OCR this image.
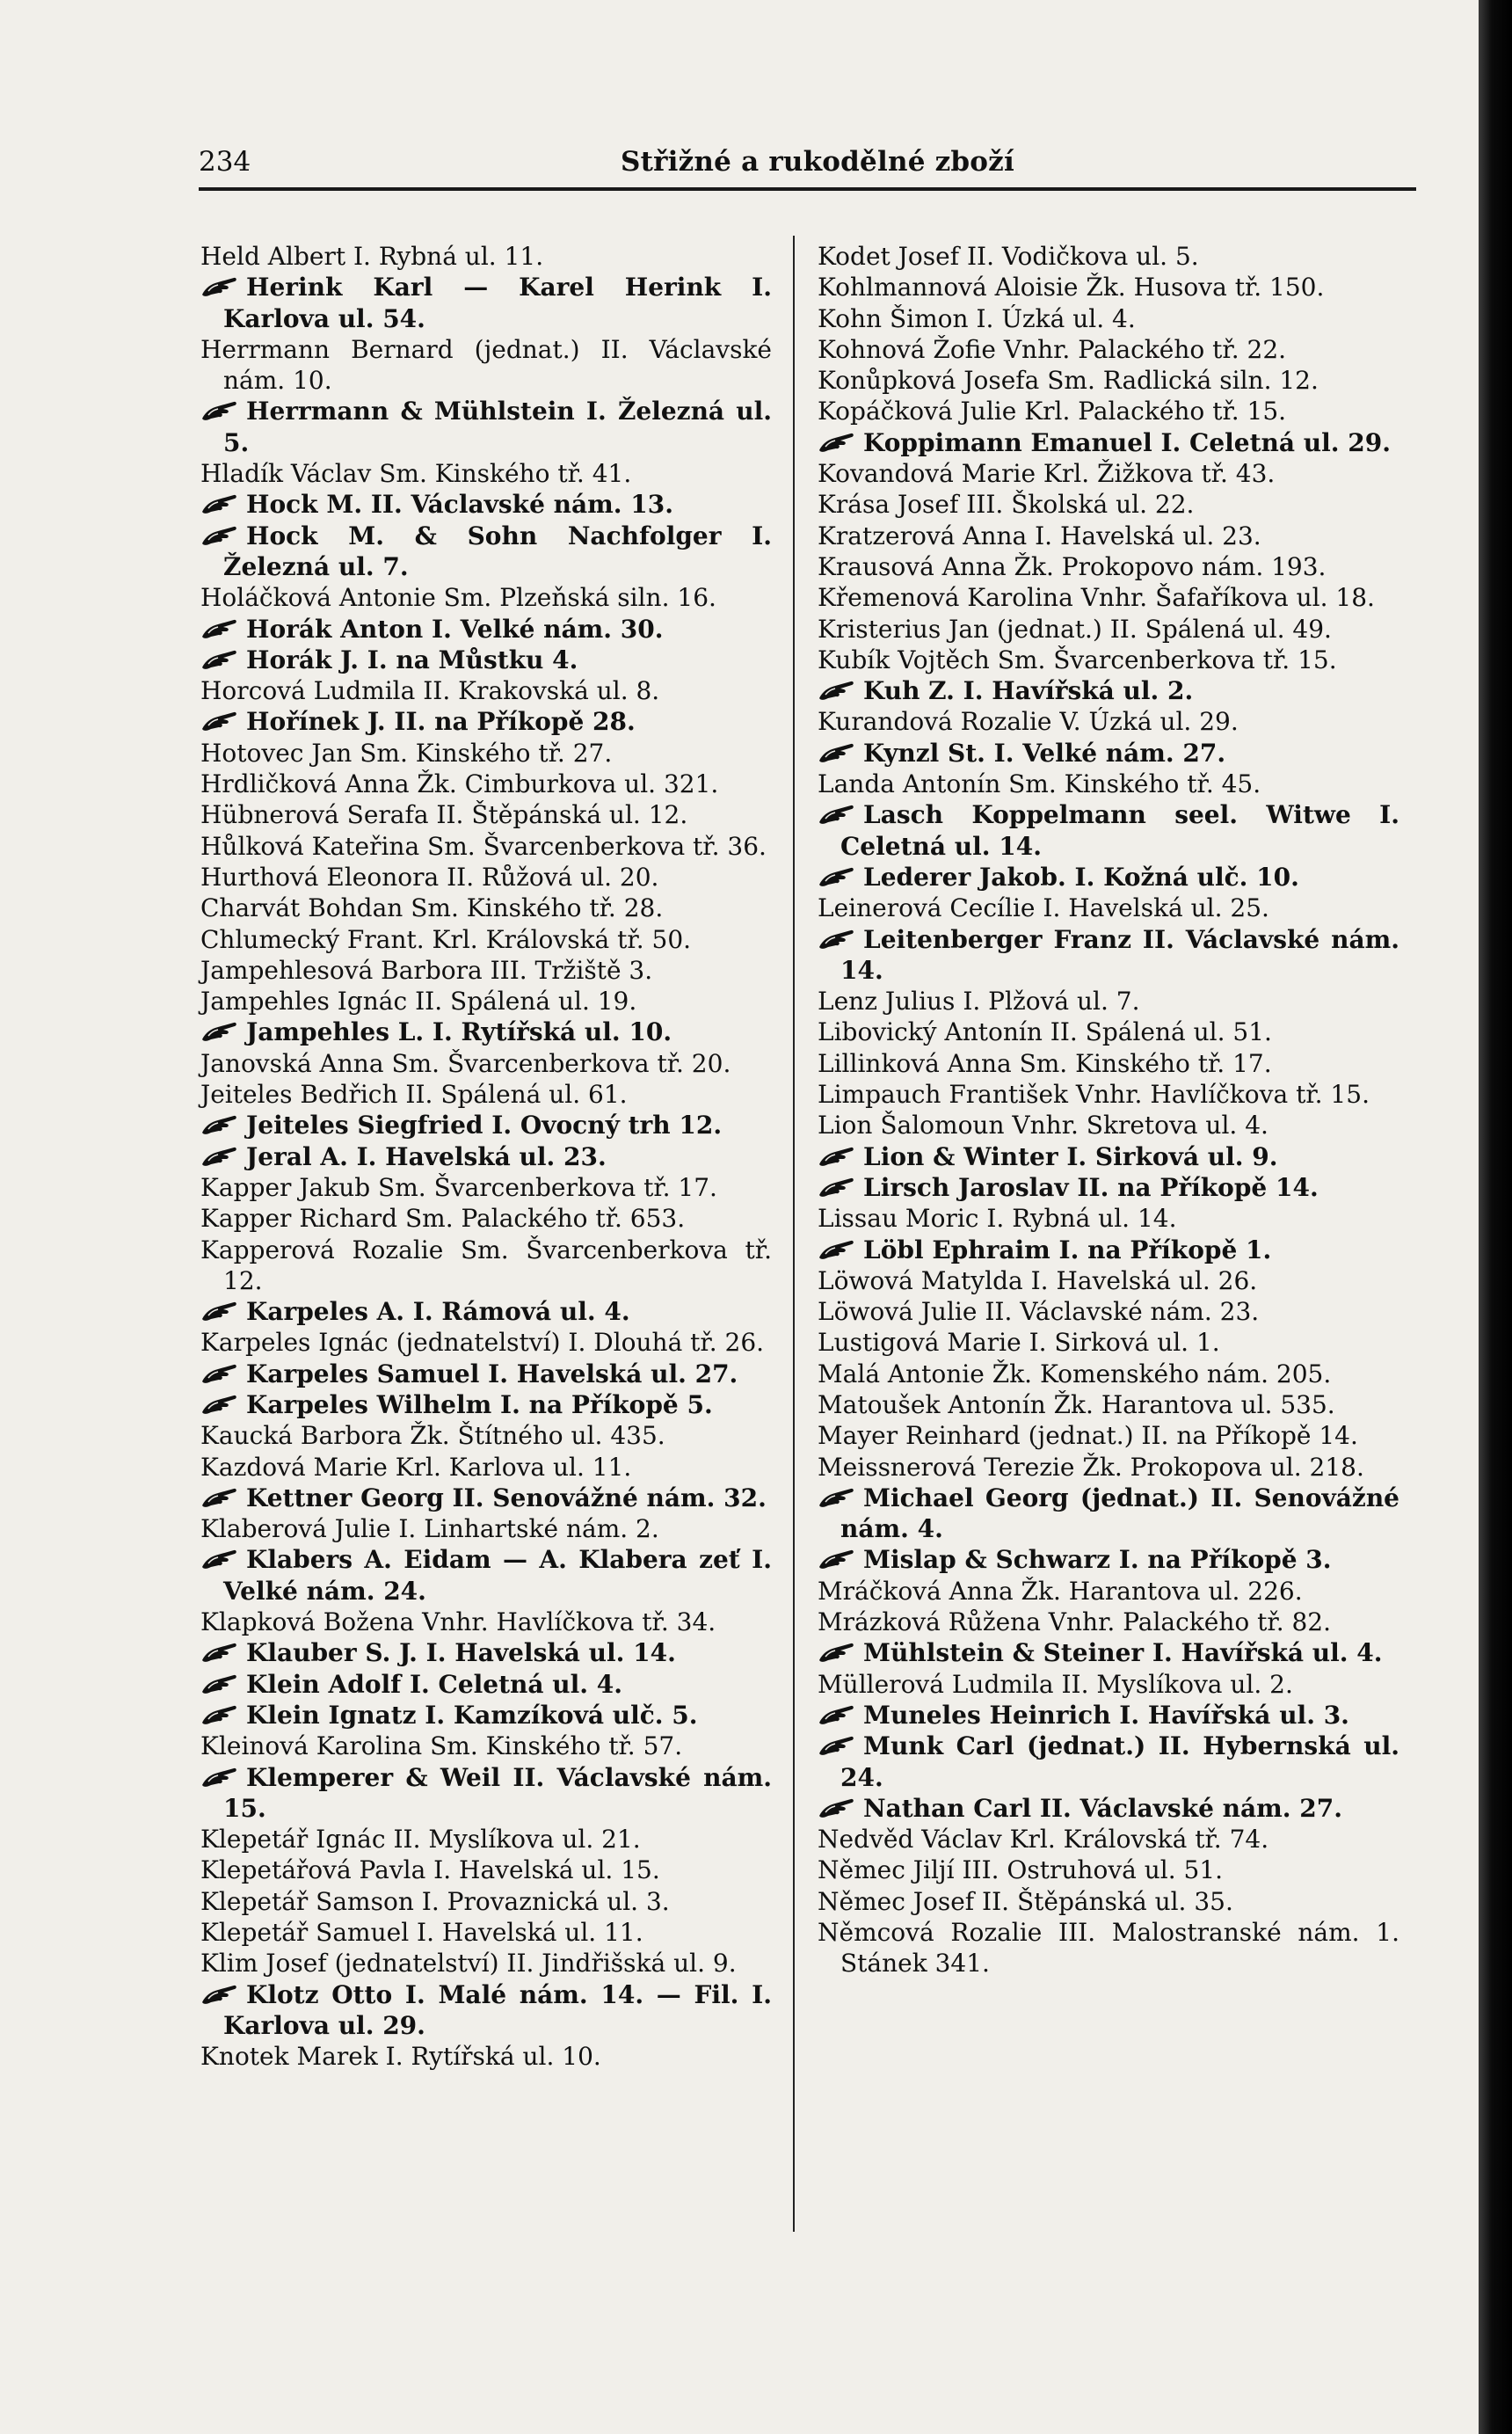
234	Střižné a rukodělné zboží
Held Albert I. Rybná ul. 11.
Herink Karl — Karel Herink I. Karlova ul. 54.
Herrmann Bernard (jednat.) II. Václavské nám. 10.
Herrmann & Mühlstein I. Železná ul. 5.
Hladík Václav Sm. Kinského tř. 41.
Hock M. II. Václavské nám. 13.
Hock M. & Sohn Nachfolger I. Železná ul. 7.
Holáčková Antonie Sm. Plzeňská siln. 16.
Horák Anton I. Velké nám. 30.
Horák J. I. na Můstku 4.
Horcová Ludmila II. Krakovská ul. 8.
Hořínek J. II. na Příkopě 28.
Hotovec Jan Sm. Kinského tř. 27.
Hrdličková Anna Žk. Cimburkova ul. 321.
Hübnerová Serafa II. Štěpánská ul. 12.
Hůlková Kateřina Sm. Švarcenberkova tř. 36.
Hurthová Eleonora II. Růžová ul. 20.
Charvát Bohdan Sm. Kinského tř. 28.
Chlumecký Frant. Krl. Královská tř. 50.
Jampehlesová Barbora III. Tržiště 3.
Jampehles Ignác II. Spálená ul. 19.
Jampehles L. I. Rytířská ul. 10.
Janovská Anna Sm. Švarcenberkova tř. 20.
Jeiteles Bedřich II. Spálená ul. 61.
Jeiteles Siegfried I. Ovocný trh 12.
Jeral A. I. Havelská ul. 23.
Kapper Jakub Sm. Švarcenberkova tř. 17.
Kapper Richard Sm. Palackého tř. 653.
Kapperová Rozalie Sm. Švarcenberkova tř. 12.
Karpeles A. I. Rámová ul. 4.
Karpeles Ignác (jednatelství) I. Dlouhá tř. 26.
Karpeles Samuel I. Havelská ul. 27.
Karpeles Wilhelm I. na Příkopě 5.
Kaucká Barbora Žk. Štítného ul. 435.
Kazdová Marie Krl. Karlova ul. 11.
Kettner Georg II. Senovážné nám. 32.
Klaberová Julie I. Linhartské nám. 2.
Klabers A. Eidam — A. Klabera zeť I. Velké nám. 24.
Klapková Božena Vnhr. Havlíčkova tř. 34.
Klauber S. J. I. Havelská ul. 14.
Klein Adolf I. Celetná ul. 4.
Klein Ignatz I. Kamzíková ulč. 5.
Kleinová Karolina Sm. Kinského tř. 57.
Klemperer & Weil II. Václavské nám. 15.
Klepetář Ignác II. Myslíkova ul. 21.
Klepetářová Pavla I. Havelská ul. 15.
Klepetář Samson I. Provaznická ul. 3.
Klepetář Samuel I. Havelská ul. 11.
Klim Josef (jednatelství) II. Jindřišská ul. 9.
Klotz Otto I. Malé nám. 14. — Fil. I. Karlova ul. 29.
Knotek Marek I. Rytířská ul. 10.
Kodet Josef II. Vodičkova ul. 5.
Kohlmannová Aloisie Žk. Husova tř. 150.
Kohn Šimon I. Úzká ul. 4.
Kohnová Žofie Vnhr. Palackého tř. 22.
Konůpková Josefa Sm. Radlická siln. 12.
Kopáčková Julie Krl. Palackého tř. 15.
Koppimann Emanuel I. Celetná ul. 29.
Kovandová Marie Krl. Žižkova tř. 43.
Krása Josef III. Školská ul. 22.
Kratzerová Anna I. Havelská ul. 23.
Krausová Anna Žk. Prokopovo nám. 193.
Křemenová Karolina Vnhr. Šafaříkova ul. 18.
Kristerius Jan (jednat.) II. Spálená ul. 49.
Kubík Vojtěch Sm. Švarcenberkova tř. 15.
Kuh Z. I. Havířská ul. 2.
Kurandová Rozalie V. Úzká ul. 29.
Kynzl St. I. Velké nám. 27.
Landa Antonín Sm. Kinského tř. 45.
Lasch Koppelmann seel. Witwe I. Celetná ul. 14.
Lederer Jakob. I. Kožná ulč. 10.
Leinerová Cecílie I. Havelská ul. 25.
Leitenberger Franz II. Václavské nám. 14.
Lenz Julius I. Plžová ul. 7.
Libovický Antonín II. Spálená ul. 51.
Lillinková Anna Sm. Kinského tř. 17.
Limpauch František Vnhr. Havlíčkova tř. 15.
Lion Šalomoun Vnhr. Skretova ul. 4.
Lion & Winter I. Sirková ul. 9.
Lirsch Jaroslav II. na Příkopě 14.
Lissau Moric I. Rybná ul. 14.
Löbl Ephraim I. na Příkopě 1.
Löwová Matylda I. Havelská ul. 26.
Löwová Julie II. Václavské nám. 23.
Lustigová Marie I. Sirková ul. 1.
Malá Antonie Žk. Komenského nám. 205.
Matoušek Antonín Žk. Harantova ul. 535.
Mayer Reinhard (jednat.) II. na Příkopě 14.
Meissnerová Terezie Žk. Prokopova ul. 218.
Michael Georg (jednat.) II. Senovážné nám. 4.
Mislap & Schwarz I. na Příkopě 3.
Mráčková Anna Žk. Harantova ul. 226.
Mrázková Růžena Vnhr. Palackého tř. 82.
Mühlstein & Steiner I. Havířská ul. 4.
Müllerová Ludmila II. Myslíkova ul. 2.
Muneles Heinrich I. Havířská ul. 3.
Munk Carl (jednat.) II. Hybernská ul. 24.
Nathan Carl II. Václavské nám. 27.
Nedvěd Václav Krl. Královská tř. 74.
Němec Jiljí III. Ostruhová ul. 51.
Němec Josef II. Štěpánská ul. 35.
Němcová Rozalie III. Malostranské nám. 1. Stánek 341.
